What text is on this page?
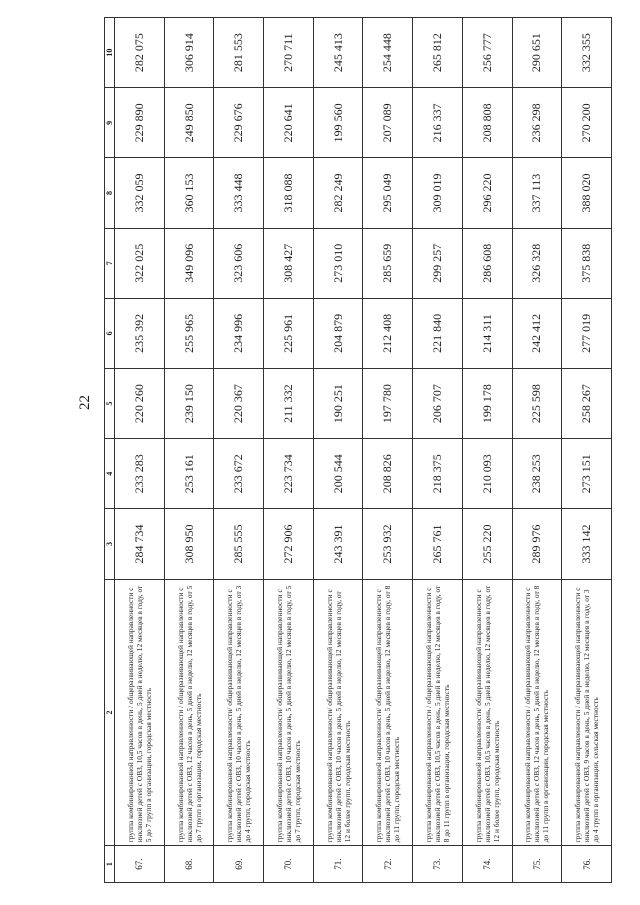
22
1	2	3	4	5	6	7	8	9	10
67.	группа комбинированной направленности / общеразвивающей направленности с инклюзией детей с ОВЗ, 10,5 часов в день, 5 дней в неделю, 12 месяцев в году, от 5 до 7 групп в организации, городская местность	284 734	233 283	220 260	235 392	322 025	332 059	229 890	282 075
68.	группа комбинированной направленности / общеразвивающей направленности с инклюзией детей с ОВЗ, 12 часов в день, 5 дней в неделю, 12 месяцев в году, от 5 до 7 групп в организации, городская местность	308 950	253 161	239 150	255 965	349 096	360 153	249 850	306 914
69.	группа комбинированной направленности/ общеразвивающей направленности с инклюзией детей с ОВЗ, 10 часов в день, 5 дней в неделю, 12 месяцев в году, от 3 до 4 групп, городская местность	285 555	233 672	220 367	234 996	323 606	333 448	229 676	281 553
70.	группа комбинированной направленности/ общеразвивающей направленности с инклюзией детей с ОВЗ, 10 часов в день, 5 дней в неделю, 12 месяцев в году, от 5 до 7 групп, городская местность	272 906	223 734	211 332	225 961	308 427	318 088	220 641	270 711
71.	группа комбинированной направленности/ общеразвивающей направленности с инклюзией детей с ОВЗ, 10 часов в день, 5 дней в неделю, 12 месяцев в году, от 12 и более групп, городская местность	243 391	200 544	190 251	204 879	273 010	282 249	199 560	245 413
72.	группа комбинированной направленности/ общеразвивающей направленности с инклюзией детей с ОВЗ, 10 часов в день, 5 дней в неделю, 12 месяцев в году, от 8 до 11 групп, городская местность	253 932	208 826	197 780	212 408	285 659	295 049	207 089	254 448
73.	группа комбинированной направленности / общеразвивающей направленности с инклюзией детей с ОВЗ, 10,5 часов в день, 5 дней в неделю, 12 месяцев в году, от 8 до 11 групп в организации, городская местность	265 761	218 375	206 707	221 840	299 257	309 019	216 337	265 812
74.	группа комбинированной направленности/ общеразвивающей направленности с инклюзией детей с ОВЗ, 10,5 часов в день, 5 дней в неделю, 12 месяцев в году, от 12 и более групп, городская местность	255 220	210 093	199 178	214 311	286 608	296 220	208 808	256 777
75.	группа комбинированной направленности / общеразвивающей направленности с инклюзией детей с ОВЗ, 12 часов в день, 5 дней в неделю, 12 месяцев в году, от 8 до 11 групп в организации, городская местность	289 976	238 253	225 598	242 412	326 328	337 113	236 298	290 651
76.	группа комбинированной направленности / общеразвивающей направленности с инклюзией детей с ОВЗ, 9 часов в день, 5 дней в неделю, 12 месяцев в году, от 3 до 4 групп в организации, сельская местность	333 142	273 151	258 267	277 019	375 838	388 020	270 200	332 355
